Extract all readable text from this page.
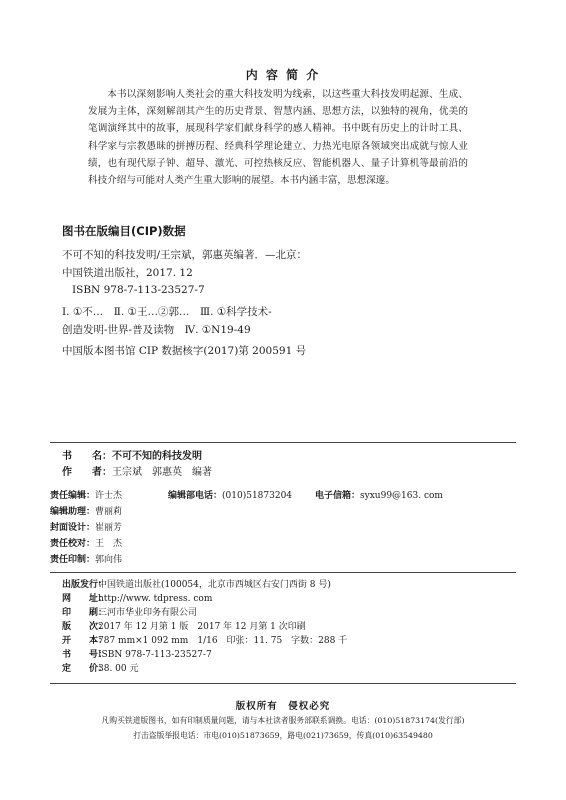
内 容 简 介
本书以深刻影响人类社会的重大科技发明为线索，以这些重大科技发明起源、生成、发展为主体，深刻解剖其产生的历史背景、智慧内涵、思想方法，以独特的视角，优美的笔调演绎其中的故事，展现科学家们献身科学的感人精神。书中既有历史上的计时工具、科学家与宗教愚昧的拼搏历程、经典科学理论建立、力热光电原各领域突出成就与惊人业绩，也有现代原子钟、超导、激光、可控热核反应、智能机器人、量子计算机等最前沿的科技介绍与可能对人类产生重大影响的展望。本书内涵丰富，思想深邃。
图书在版编目(CIP)数据
不可不知的科技发明/王宗斌，郭惠英编著．—北京：
中国铁道出版社，2017. 12
ISBN 978-7-113-23527-7
Ⅰ. ①不…　Ⅱ. ①王…②郭…　Ⅲ. ①科学技术-
创造发明-世界-普及读物　Ⅳ. ①N19-49
中国版本图书馆 CIP 数据核字(2017)第 200591 号
书　　名：不可不知的科技发明
作　　者：王宗斌　郭惠英　编著
责任编辑：许士杰	编辑部电话：(010)51873204	电子信箱：syxu99@163. com
编辑助理：曹丽莉
封面设计：崔丽芳
责任校对：王　杰
责任印制：郭向伟
出版发行：中国铁道出版社(100054，北京市西城区右安门西街 8 号)
网　　址：http://www. tdpress. com
印　　刷：三河市华业印务有限公司
版　　次：2017 年 12 月第 1 版　2017 年 12 月第 1 次印刷
开　　本：787 mm×1 092 mm　1/16　印张：11. 75　字数：288 千
书　　号：ISBN 978-7-113-23527-7
定　　价：38. 00 元
版权所有　侵权必究
凡购买铁道版图书，如有印制质量问题，请与本社读者服务部联系调换。电话：(010)51873174(发行部)
打击盗版举报电话：市电(010)51873659，路电(021)73659，传真(010)63549480
